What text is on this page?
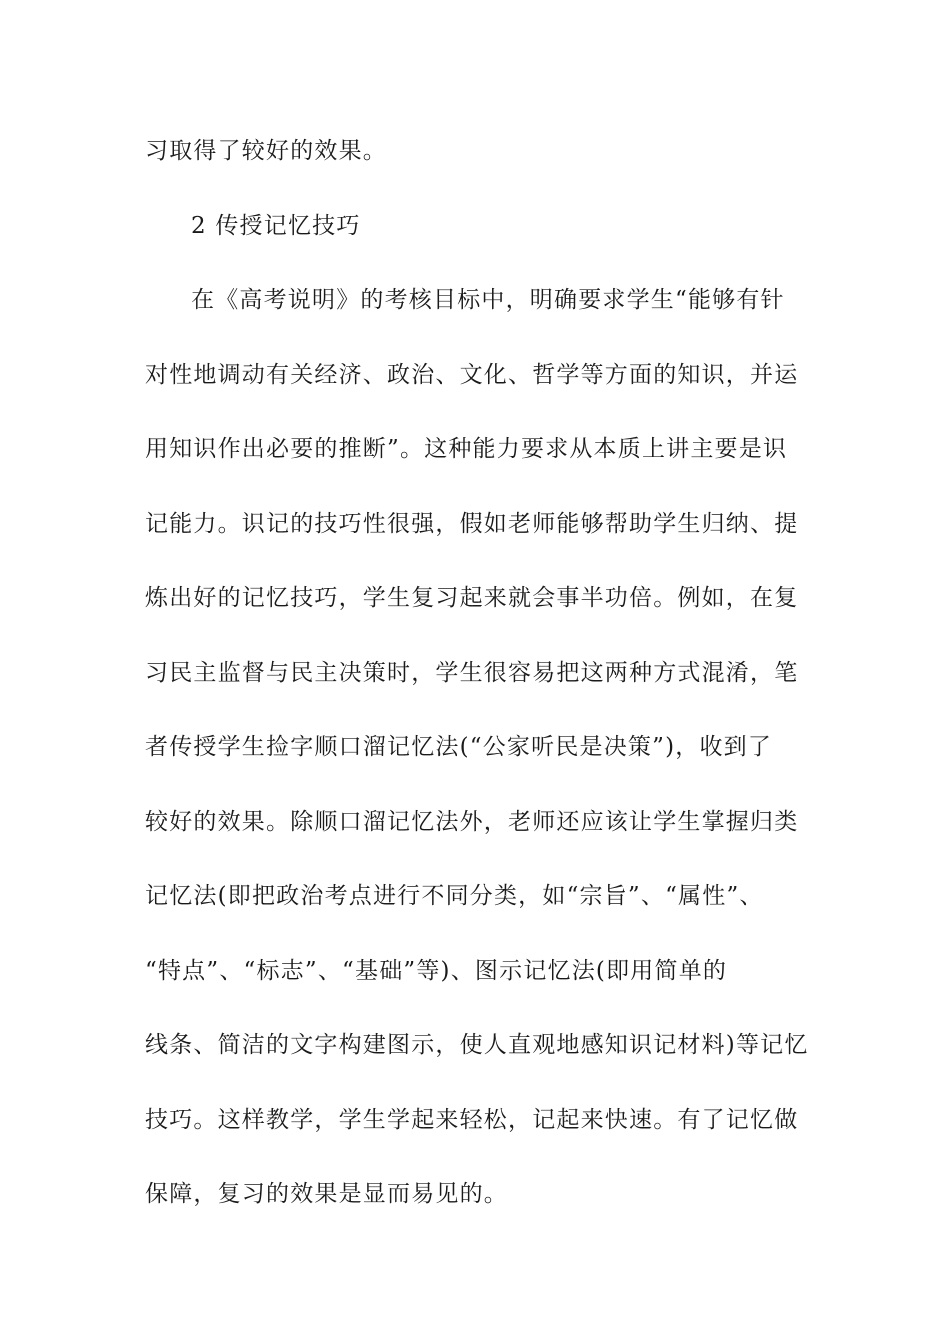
习取得了较好的效果。
2 传授记忆技巧
在《高考说明》的考核目标中，明确要求学生“能够有针
对性地调动有关经济、政治、文化、哲学等方面的知识，并运
用知识作出必要的推断”。这种能力要求从本质上讲主要是识
记能力。识记的技巧性很强，假如老师能够帮助学生归纳、提
炼出好的记忆技巧，学生复习起来就会事半功倍。例如，在复
习民主监督与民主决策时，学生很容易把这两种方式混淆，笔
者传授学生捡字顺口溜记忆法(“公家听民是决策”)，收到了
较好的效果。除顺口溜记忆法外，老师还应该让学生掌握归类
记忆法(即把政治考点进行不同分类，如“宗旨”、“属性”、
“特点”、“标志”、“基础”等)、图示记忆法(即用简单的
线条、简洁的文字构建图示，使人直观地感知识记材料)等记忆
技巧。这样教学，学生学起来轻松，记起来快速。有了记忆做
保障，复习的效果是显而易见的。
